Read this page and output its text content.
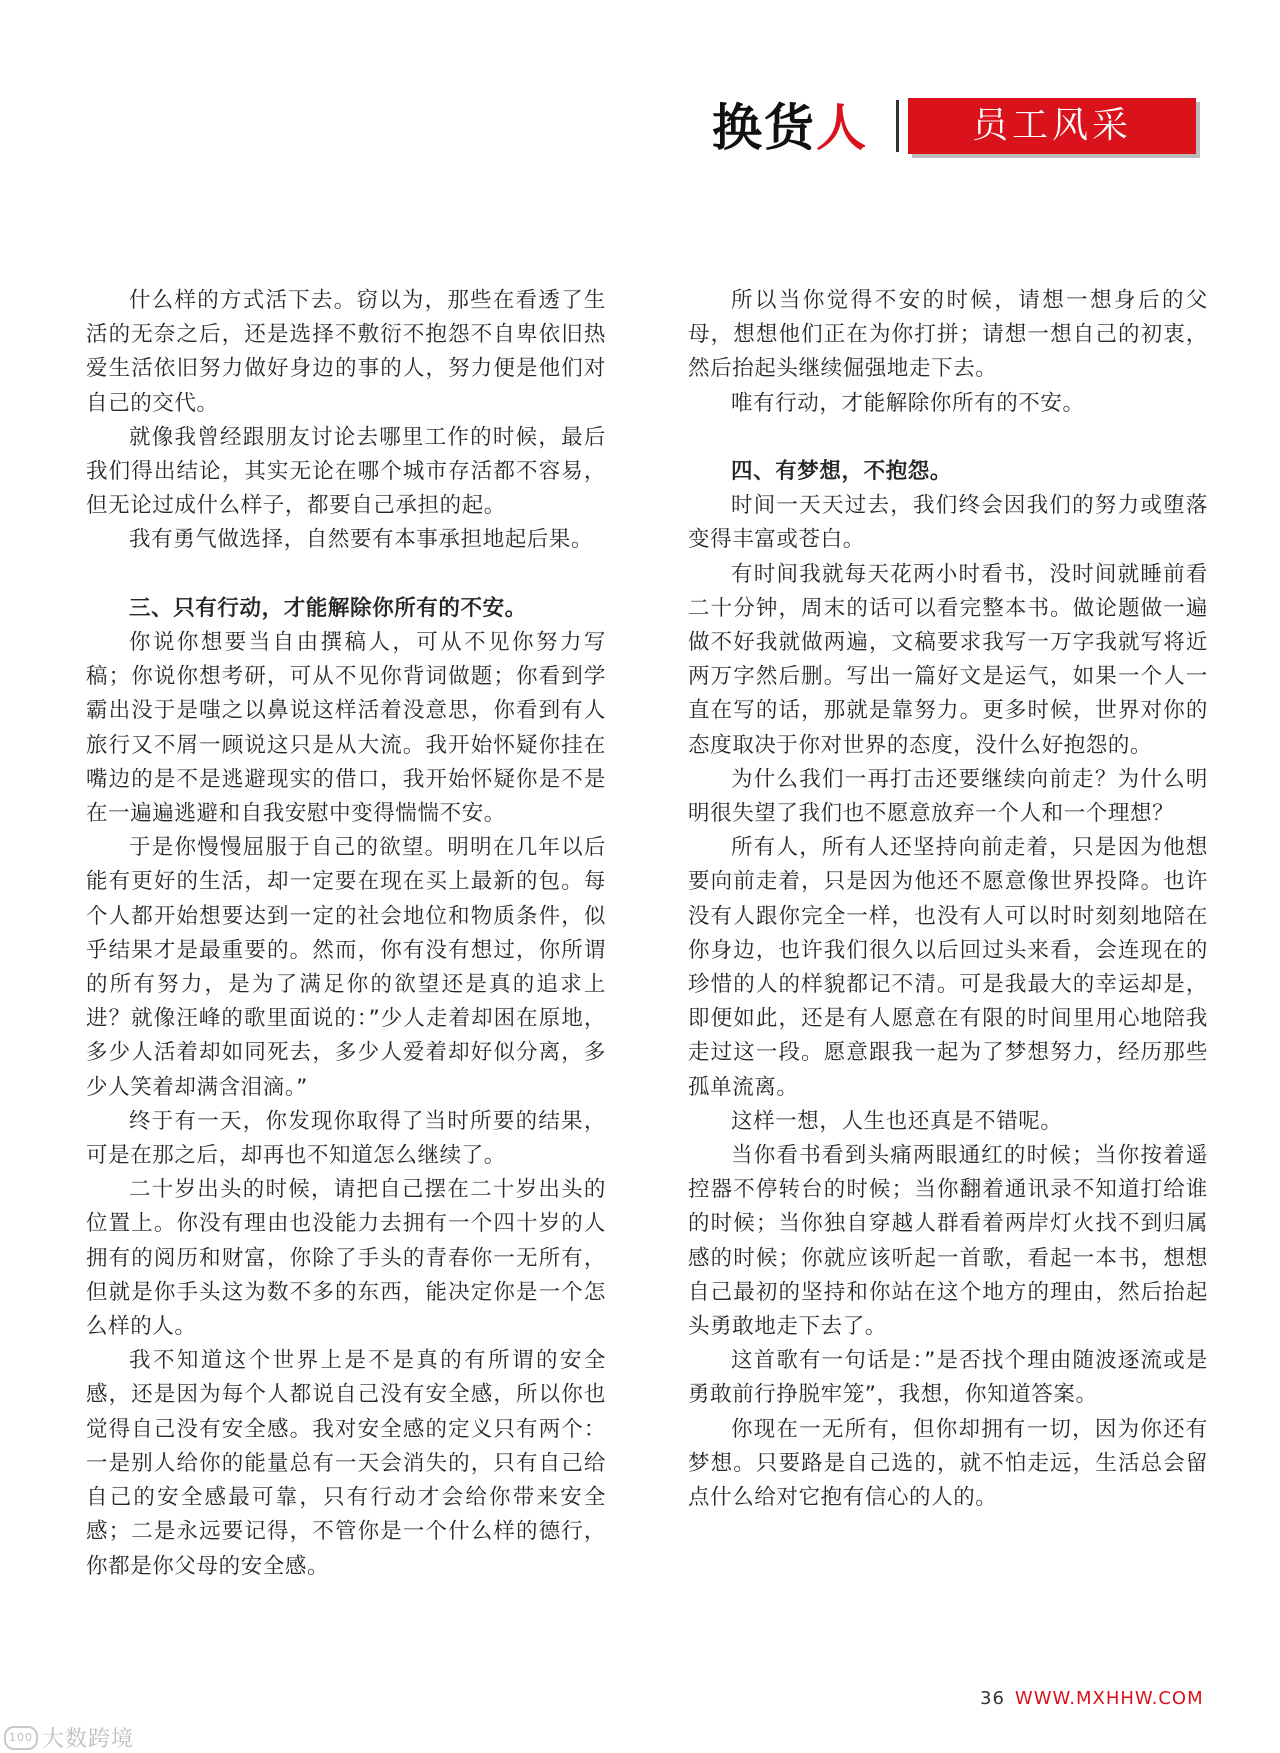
换货人	员工风采

什么样的方式活下去。窃以为，那些在看透了生活的无奈之后，还是选择不敷衍不抱怨不自卑依旧热爱生活依旧努力做好身边的事的人，努力便是他们对自己的交代。

就像我曾经跟朋友讨论去哪里工作的时候，最后我们得出结论，其实无论在哪个城市存活都不容易，但无论过成什么样子，都要自己承担的起。

我有勇气做选择，自然要有本事承担地起后果。

三、只有行动，才能解除你所有的不安。

你说你想要当自由撰稿人，可从不见你努力写稿；你说你想考研，可从不见你背词做题；你看到学霸出没于是嗤之以鼻说这样活着没意思，你看到有人旅行又不屑一顾说这只是从大流。我开始怀疑你挂在嘴边的是不是逃避现实的借口，我开始怀疑你是不是在一遍遍逃避和自我安慰中变得惴惴不安。

于是你慢慢屈服于自己的欲望。明明在几年以后能有更好的生活，却一定要在现在买上最新的包。每个人都开始想要达到一定的社会地位和物质条件，似乎结果才是最重要的。然而，你有没有想过，你所谓的所有努力，是为了满足你的欲望还是真的追求上进？就像汪峰的歌里面说的：”少人走着却困在原地，多少人活着却如同死去，多少人爱着却好似分离，多少人笑着却满含泪滴。”

终于有一天，你发现你取得了当时所要的结果，可是在那之后，却再也不知道怎么继续了。

二十岁出头的时候，请把自己摆在二十岁出头的位置上。你没有理由也没能力去拥有一个四十岁的人拥有的阅历和财富，你除了手头的青春你一无所有，但就是你手头这为数不多的东西，能决定你是一个怎么样的人。

我不知道这个世界上是不是真的有所谓的安全感，还是因为每个人都说自己没有安全感，所以你也觉得自己没有安全感。我对安全感的定义只有两个：一是别人给你的能量总有一天会消失的，只有自己给自己的安全感最可靠，只有行动才会给你带来安全感；二是永远要记得，不管你是一个什么样的德行，你都是你父母的安全感。

所以当你觉得不安的时候，请想一想身后的父母，想想他们正在为你打拼；请想一想自己的初衷，然后抬起头继续倔强地走下去。

唯有行动，才能解除你所有的不安。

四、有梦想，不抱怨。

时间一天天过去，我们终会因我们的努力或堕落变得丰富或苍白。

有时间我就每天花两小时看书，没时间就睡前看二十分钟，周末的话可以看完整本书。做论题做一遍做不好我就做两遍，文稿要求我写一万字我就写将近两万字然后删。写出一篇好文是运气，如果一个人一直在写的话，那就是靠努力。更多时候，世界对你的态度取决于你对世界的态度，没什么好抱怨的。

为什么我们一再打击还要继续向前走？为什么明明很失望了我们也不愿意放弃一个人和一个理想？

所有人，所有人还坚持向前走着，只是因为他想要向前走着，只是因为他还不愿意像世界投降。也许没有人跟你完全一样，也没有人可以时时刻刻地陪在你身边，也许我们很久以后回过头来看，会连现在的珍惜的人的样貌都记不清。可是我最大的幸运却是，即便如此，还是有人愿意在有限的时间里用心地陪我走过这一段。愿意跟我一起为了梦想努力，经历那些孤单流离。

这样一想，人生也还真是不错呢。

当你看书看到头痛两眼通红的时候；当你按着遥控器不停转台的时候；当你翻着通讯录不知道打给谁的时候；当你独自穿越人群看着两岸灯火找不到归属感的时候；你就应该听起一首歌，看起一本书，想想自己最初的坚持和你站在这个地方的理由，然后抬起头勇敢地走下去了。

这首歌有一句话是：”是否找个理由随波逐流或是勇敢前行挣脱牢笼”，我想，你知道答案。

你现在一无所有，但你却拥有一切，因为你还有梦想。只要路是自己选的，就不怕走远，生活总会留点什么给对它抱有信心的人的。

36 WWW.MXHHW.COM
100 大数跨境
